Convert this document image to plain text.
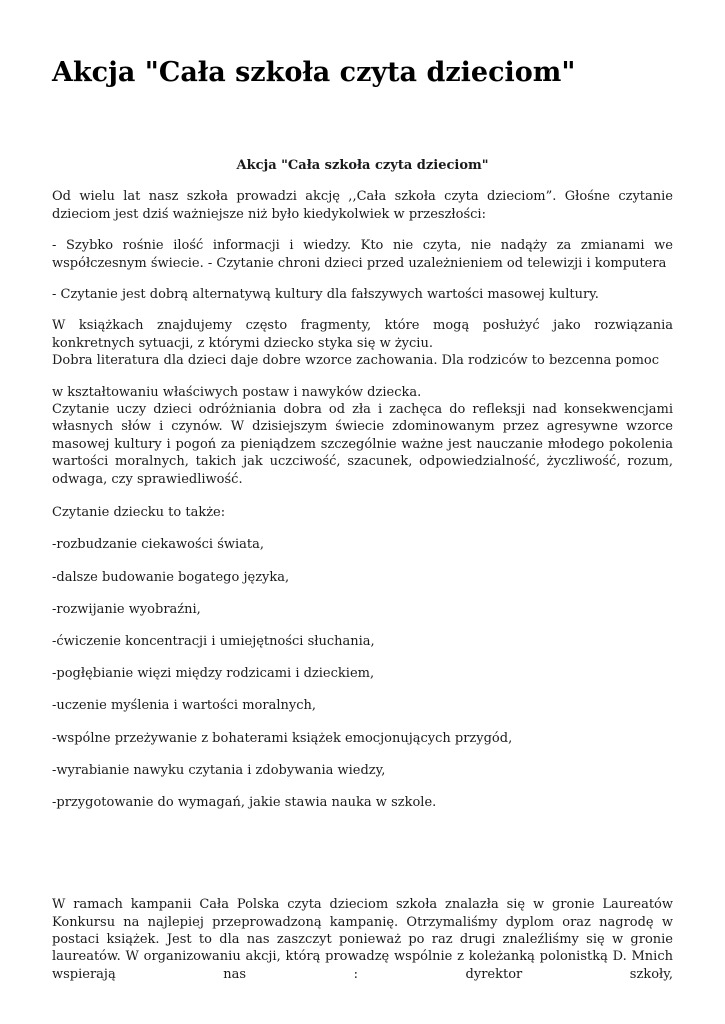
Akcja "Cała szkoła czyta dzieciom"

Akcja "Cała szkoła czyta dzieciom"

Od wielu lat nasz szkoła prowadzi akcję ,,Cała szkoła czyta dzieciom”. Głośne czytanie dzieciom jest dziś ważniejsze niż było kiedykolwiek w przeszłości:

- Szybko rośnie ilość informacji i wiedzy. Kto nie czyta, nie nadąży za zmianami we współczesnym świecie. - Czytanie chroni dzieci przed uzależnieniem od telewizji i komputera

- Czytanie jest dobrą alternatywą kultury dla fałszywych wartości masowej kultury.

W książkach znajdujemy często fragmenty, które mogą posłużyć jako rozwiązania konkretnych sytuacji, z którymi dziecko styka się w życiu.

Dobra literatura dla dzieci daje dobre wzorce zachowania. Dla rodziców to bezcenna pomoc

w kształtowaniu właściwych postaw i nawyków dziecka.

Czytanie uczy dzieci odróżniania dobra od zła i zachęca do refleksji nad konsekwencjami własnych słów i czynów. W dzisiejszym świecie zdominowanym przez agresywne wzorce masowej kultury i pogoń za pieniądzem szczególnie ważne jest nauczanie młodego pokolenia wartości moralnych, takich jak uczciwość, szacunek, odpowiedzialność, życzliwość, rozum, odwaga, czy sprawiedliwość.

Czytanie dziecku to także:

-rozbudzanie ciekawości świata,

-dalsze budowanie bogatego języka,

-rozwijanie wyobraźni,

-ćwiczenie koncentracji i umiejętności słuchania,

-pogłębianie więzi między rodzicami i dzieckiem,

-uczenie myślenia i wartości moralnych,

-wspólne przeżywanie z bohaterami książek emocjonujących przygód,

-wyrabianie nawyku czytania i zdobywania wiedzy,

-przygotowanie do wymagań, jakie stawia nauka w szkole.

W ramach kampanii Cała Polska czyta dzieciom szkoła znalazła się w gronie Laureatów Konkursu na najlepiej przeprowadzoną kampanię. Otrzymaliśmy dyplom oraz nagrodę w postaci książek. Jest to dla nas zaszczyt ponieważ po raz drugi znaleźliśmy się w gronie laureatów. W organizowaniu akcji, którą prowadzę wspólnie z koleżanką polonistką D. Mnich wspierają nas : dyrektor szkoły,
